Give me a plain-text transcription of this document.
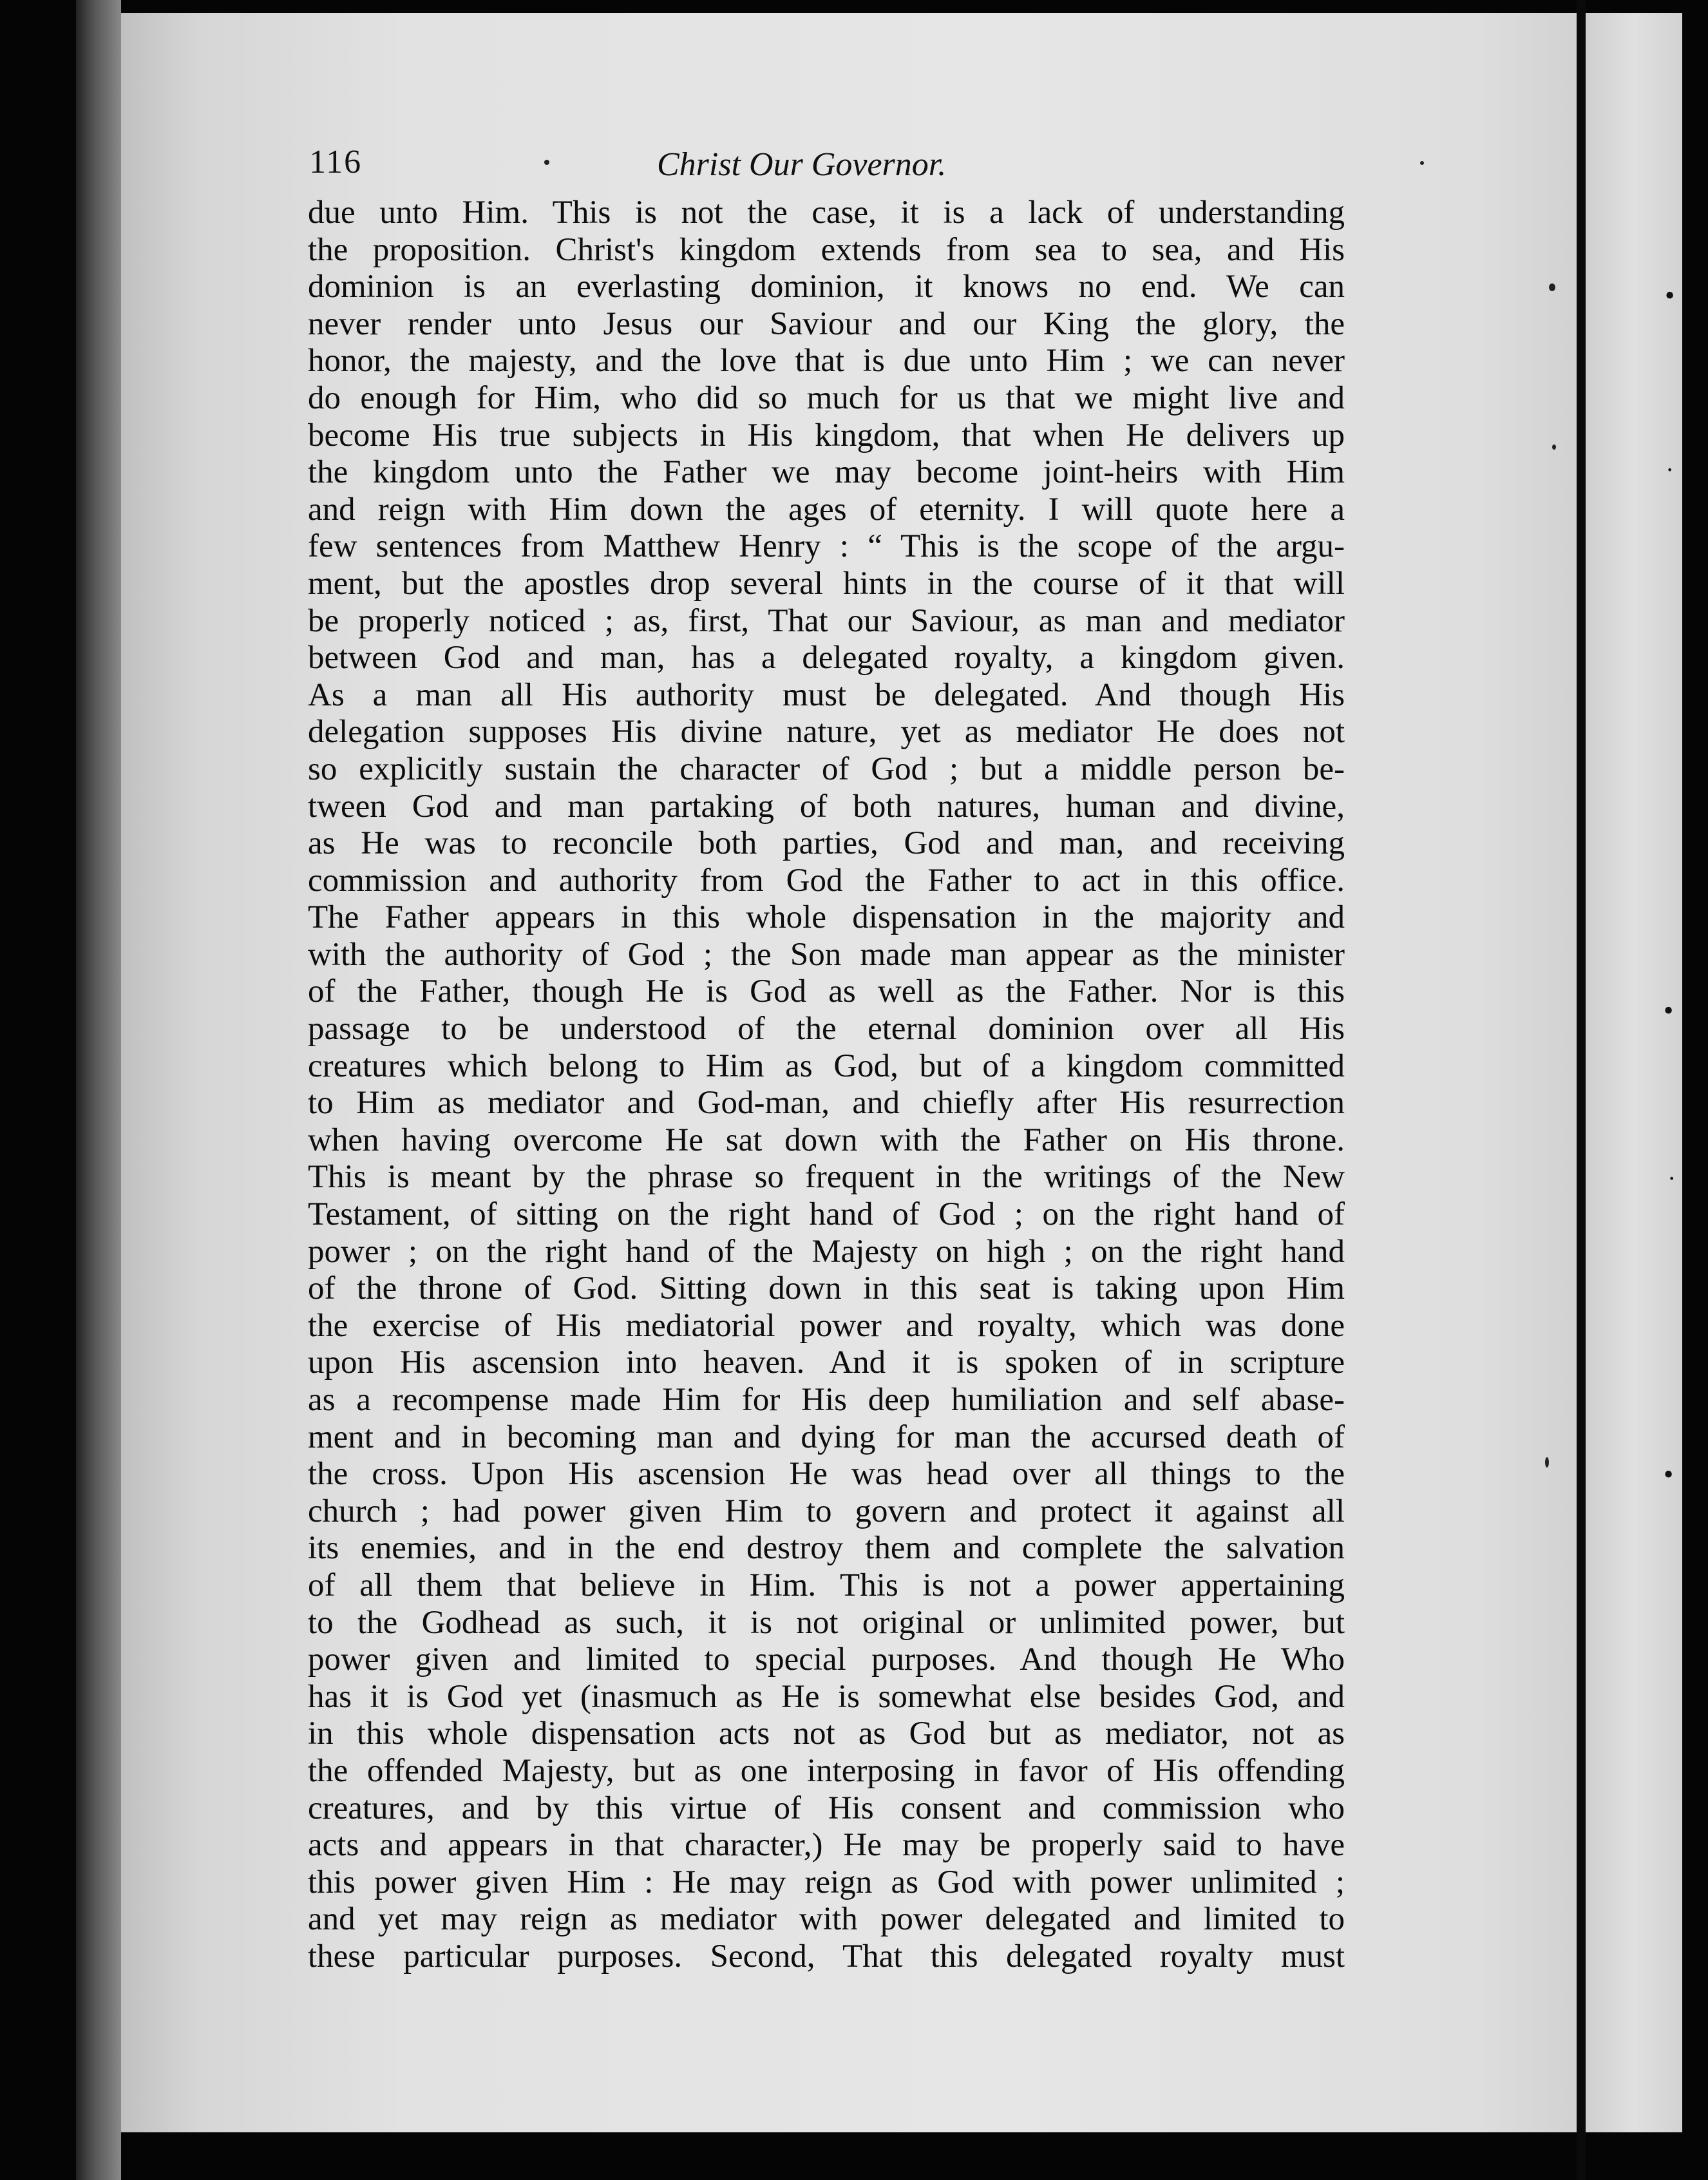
•
·
•
·
•
116	Christ Our Governor.
due unto Him. This is not the case, it is a lack of understanding
the proposition. Christ's kingdom extends from sea to sea, and His
dominion is an everlasting dominion, it knows no end. We can
never render unto Jesus our Saviour and our King the glory, the
honor, the majesty, and the love that is due unto Him ; we can never
do enough for Him, who did so much for us that we might live and
become His true subjects in His kingdom, that when He delivers up
the kingdom unto the Father we may become joint-heirs with Him
and reign with Him down the ages of eternity. I will quote here a
few sentences from Matthew Henry : “ This is the scope of the argu-
ment, but the apostles drop several hints in the course of it that will
be properly noticed ; as, first, That our Saviour, as man and mediator
between God and man, has a delegated royalty, a kingdom given.
As a man all His authority must be delegated. And though His
delegation supposes His divine nature, yet as mediator He does not
so explicitly sustain the character of God ; but a middle person be-
tween God and man partaking of both natures, human and divine,
as He was to reconcile both parties, God and man, and receiving
commission and authority from God the Father to act in this office.
The Father appears in this whole dispensation in the majority and
with the authority of God ; the Son made man appear as the minister
of the Father, though He is God as well as the Father. Nor is this
passage to be understood of the eternal dominion over all His
creatures which belong to Him as God, but of a kingdom committed
to Him as mediator and God-man, and chiefly after His resurrection
when having overcome He sat down with the Father on His throne.
This is meant by the phrase so frequent in the writings of the New
Testament, of sitting on the right hand of God ; on the right hand of
power ; on the right hand of the Majesty on high ; on the right hand
of the throne of God. Sitting down in this seat is taking upon Him
the exercise of His mediatorial power and royalty, which was done
upon His ascension into heaven. And it is spoken of in scripture
as a recompense made Him for His deep humiliation and self abase-
ment and in becoming man and dying for man the accursed death of
the cross. Upon His ascension He was head over all things to the
church ; had power given Him to govern and protect it against all
its enemies, and in the end destroy them and complete the salvation
of all them that believe in Him. This is not a power appertaining
to the Godhead as such, it is not original or unlimited power, but
power given and limited to special purposes. And though He Who
has it is God yet (inasmuch as He is somewhat else besides God, and
in this whole dispensation acts not as God but as mediator, not as
the offended Majesty, but as one interposing in favor of His offending
creatures, and by this virtue of His consent and commission who
acts and appears in that character,) He may be properly said to have
this power given Him : He may reign as God with power unlimited ;
and yet may reign as mediator with power delegated and limited to
these particular purposes. Second, That this delegated royalty must
